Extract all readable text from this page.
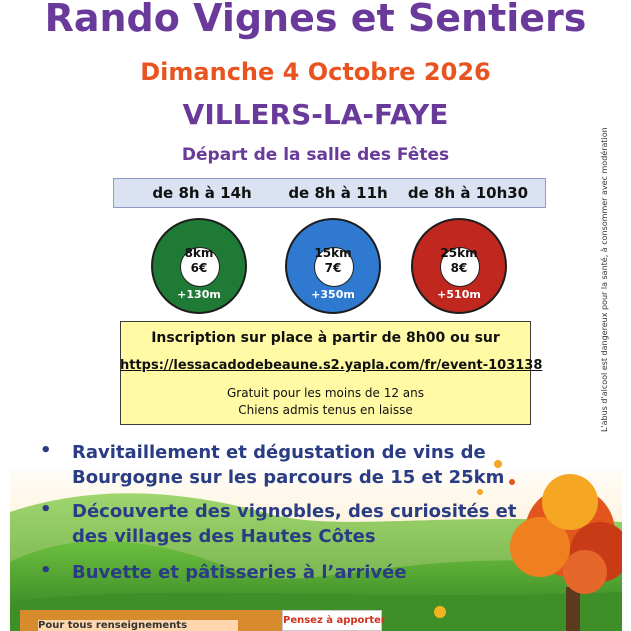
Rando Vignes et Sentiers
Dimanche 4 Octobre 2026
VILLERS-LA-FAYE
Départ de la salle des Fêtes
de 8h à 14h	de 8h à 11h	de 8h à 10h30
8km
6€
+130m
15km
7€
+350m
25km
8€
+510m
Inscription sur place à partir de 8h00 ou sur
https://lessacadodebeaune.s2.yapla.com/fr/event-103138
Gratuit pour les moins de 12 ans
Chiens admis tenus en laisse	L'abus d'alcool est dangereux pour la santé, à consommer avec modération
• Ravitaillement et dégustation de vins de
Bourgogne sur les parcours de 15 et 25km
• Découverte des vignobles, des curiosités et
des villages des Hautes Côtes
• Buvette et pâtisseries à l’arrivée
Pour tous renseignements	Pensez à apporter
